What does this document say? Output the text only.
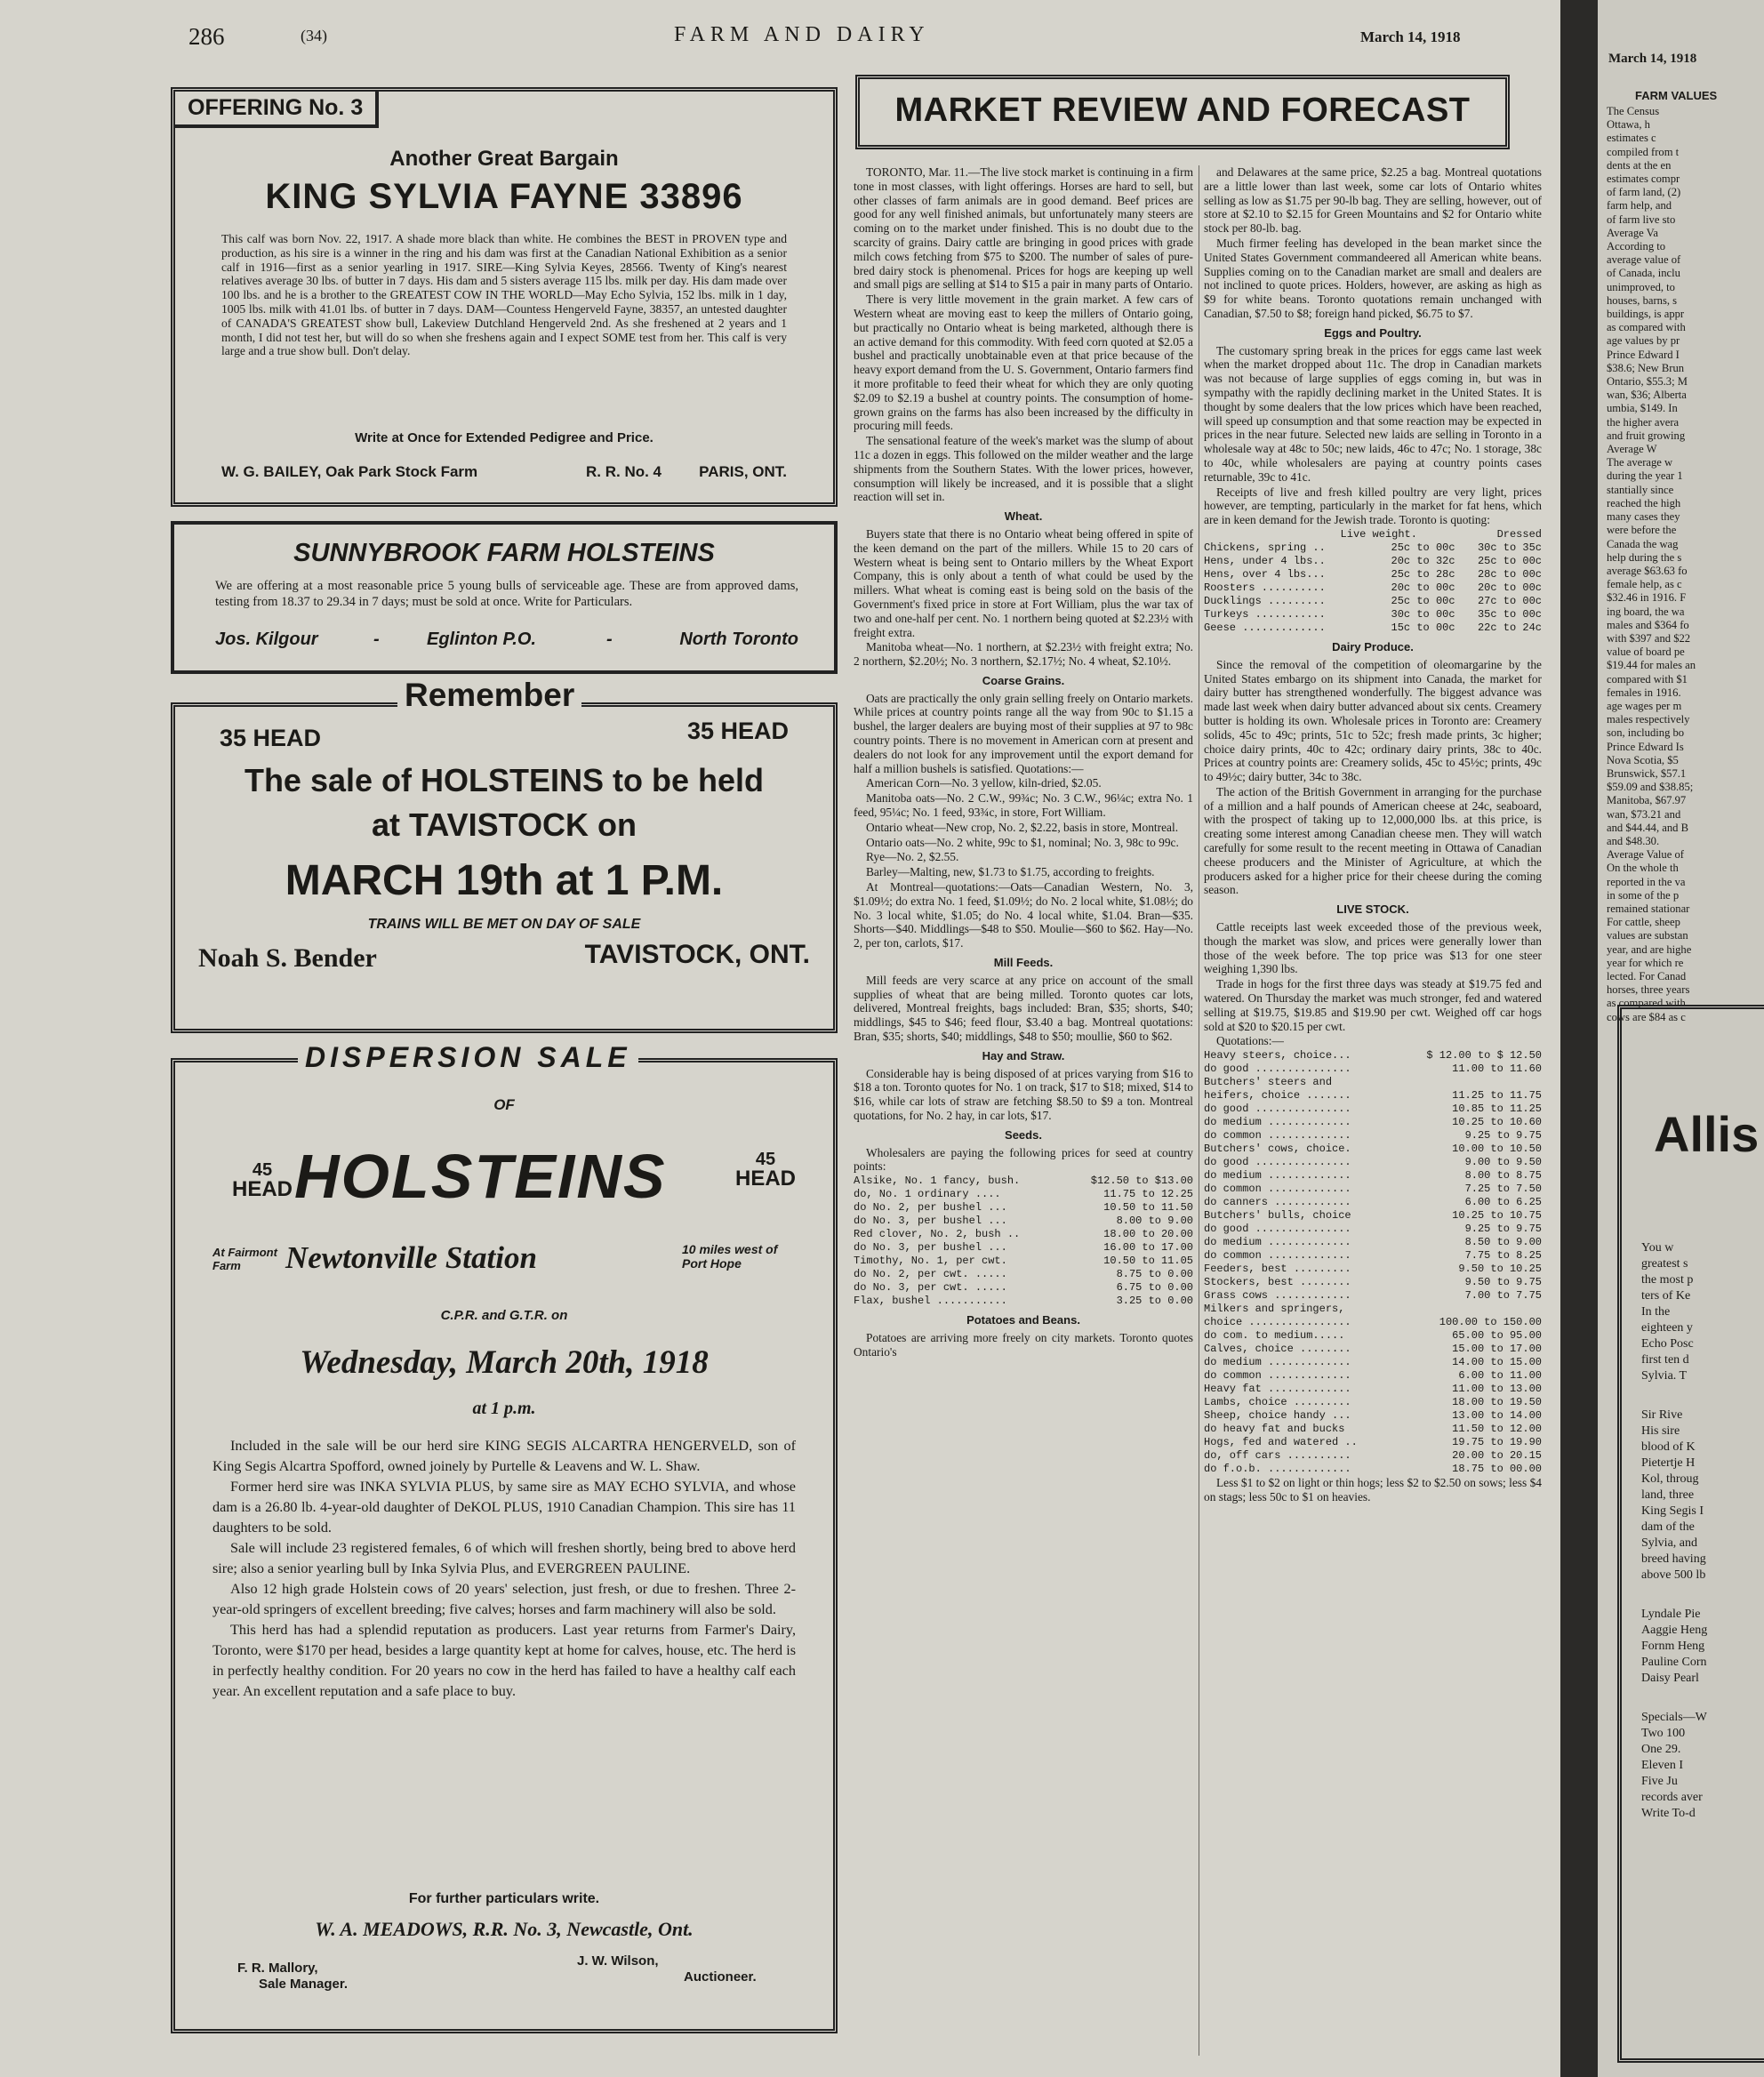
286	(34)	FARM AND DAIRY	March 14, 1918
OFFERING No. 3
Another Great Bargain
KING SYLVIA FAYNE 33896

This calf was born Nov. 22, 1917. A shade more black than white. He combines the BEST in PROVEN type and production, as his sire is a winner in the ring and his dam was first at the Canadian National Exhibition as a senior calf in 1916—first as a senior yearling in 1917. SIRE—King Sylvia Keyes, 28566. Twenty of King's nearest relatives average 30 lbs. of butter in 7 days. His dam and 5 sisters average 115 lbs. milk per day. His dam made over 100 lbs. and he is a brother to the GREATEST COW IN THE WORLD—May Echo Sylvia, 152 lbs. milk in 1 day, 1005 lbs. milk with 41.01 lbs. of butter in 7 days. DAM—Countess Hengerveld Fayne, 38357, an untested daughter of CANADA'S GREATEST show bull, Lakeview Dutchland Hengerveld 2nd. As she freshened at 2 years and 1 month, I did not test her, but will do so when she freshens again and I expect SOME test from her. This calf is very large and a true show bull. Don't delay.

Write at Once for Extended Pedigree and Price.
W. G. BAILEY, Oak Park Stock Farm	R. R. No. 4 PARIS, ONT.
SUNNYBROOK FARM HOLSTEINS

We are offering at a most reasonable price 5 young bulls of serviceable age. These are from approved dams, testing from 18.37 to 29.34 in 7 days; must be sold at once. Write for Particulars.

Jos. Kilgour	-	Eglinton P.O.	-	North Toronto
Remember
35 HEAD	35 HEAD
The sale of HOLSTEINS to be held
at TAVISTOCK on
MARCH 19th at 1 P.M.
TRAINS WILL BE MET ON DAY OF SALE
Noah S. Bender	TAVISTOCK, ONT.
DISPERSION SALE
OF
45
HEAD HOLSTEINS	45
HEAD
At Fairmont Farm	Newtonville Station	10 miles west of Port Hope
C.P.R. and G.T.R. on
Wednesday, March 20th, 1918
at 1 p.m.

Included in the sale will be our herd sire KING SEGIS ALCARTRA HENGERVELD, son of King Segis Alcartra Spofford, owned joinely by Purtelle & Leavens and W. L. Shaw.

Former herd sire was INKA SYLVIA PLUS, by same sire as MAY ECHO SYLVIA, and whose dam is a 26.80 lb. 4-year-old daughter of DeKOL PLUS, 1910 Canadian Champion. This sire has 11 daughters to be sold.

Sale will include 23 registered females, 6 of which will freshen shortly, being bred to above herd sire; also a senior yearling bull by Inka Sylvia Plus, and EVERGREEN PAULINE.

Also 12 high grade Holstein cows of 20 years' selection, just fresh, or due to freshen. Three 2-year-old springers of excellent breeding; five calves; horses and farm machinery will also be sold.

This herd has had a splendid reputation as producers. Last year returns from Farmer's Dairy, Toronto, were $170 per head, besides a large quantity kept at home for calves, house, etc. The herd is in perfectly healthy condition. For 20 years no cow in the herd has failed to have a healthy calf each year. An excellent reputation and a safe place to buy.

For further particulars write.
W. A. MEADOWS, R.R. No. 3, Newcastle, Ont.
F. R. Mallory,
Sale Manager.
J. W. Wilson,
Auctioneer.
MARKET REVIEW AND FORECAST

TORONTO, Mar. 11.—The live stock market is continuing in a firm tone in most classes, with light offerings. Horses are hard to sell, but other classes of farm animals are in good demand. Beef prices are good for any well finished animals, but unfortunately many steers are coming on to the market under finished. This is no doubt due to the scarcity of grains. Dairy cattle are bringing in good prices with grade milch cows fetching from $75 to $200. The number of sales of pure-bred dairy stock is phenomenal. Prices for hogs are keeping up well and small pigs are selling at $14 to $15 a pair in many parts of Ontario.

There is very little movement in the grain market. A few cars of Western wheat are moving east to keep the millers of Ontario going, but practically no Ontario wheat is being marketed, although there is an active demand for this commodity. With feed corn quoted at $2.05 a bushel and practically unobtainable even at that price because of the heavy export demand from the U. S. Government, Ontario farmers find it more profitable to feed their wheat for which they are only quoting $2.09 to $2.19 a bushel at country points. The consumption of home-grown grains on the farms has also been increased by the difficulty in procuring mill feeds.

The sensational feature of the week's market was the slump of about 11c a dozen in eggs. This followed on the milder weather and the large shipments from the Southern States. With the lower prices, however, consumption will likely be increased, and it is possible that a slight reaction will set in.

Wheat.

Buyers state that there is no Ontario wheat being offered in spite of the keen demand on the part of the millers. While 15 to 20 cars of Western wheat is being sent to Ontario millers by the Wheat Export Company, this is only about a tenth of what could be used by the millers. What wheat is coming east is being sold on the basis of the Government's fixed price in store at Fort William, plus the war tax of two and one-half per cent. No. 1 northern being quoted at $2.23½ with freight extra.

Manitoba wheat—No. 1 northern, at $2.23½ with freight extra; No. 2 northern, $2.20½; No. 3 northern, $2.17½; No. 4 wheat, $2.10½.

Coarse Grains.

Oats are practically the only grain selling freely on Ontario markets. While prices at country points range all the way from 90c to $1.15 a bushel, the larger dealers are buying most of their supplies at 97 to 98c country points. There is no movement in American corn at present and dealers do not look for any improvement until the export demand for half a million bushels is satisfied. Quotations:—

American Corn—No. 3 yellow, kiln-dried, $2.05.

Manitoba oats—No. 2 C.W., 99¾c; No. 3 C.W., 96¼c; extra No. 1 feed, 95¼c; No. 1 feed, 93¾c, in store, Fort William.

Ontario wheat—New crop, No. 2, $2.22, basis in store, Montreal.

Ontario oats—No. 2 white, 99c to $1, nominal; No. 3, 98c to 99c.

Rye—No. 2, $2.55.

Barley—Malting, new, $1.73 to $1.75, according to freights.

At Montreal—quotations:—Oats—Canadian Western, No. 3, $1.09½; do extra No. 1 feed, $1.09½; do No. 2 local white, $1.08½; do No. 3 local white, $1.05; do No. 4 local white, $1.04. Bran—$35. Shorts—$40. Middlings—$48 to $50. Moulie—$60 to $62. Hay—No. 2, per ton, carlots, $17.

Mill Feeds.

Mill feeds are very scarce at any price on account of the small supplies of wheat that are being milled. Toronto quotes car lots, delivered, Montreal freights, bags included: Bran, $35; shorts, $40; middlings, $45 to $46; feed flour, $3.40 a bag. Montreal quotations: Bran, $35; shorts, $40; middlings, $48 to $50; moullie, $60 to $62.

Hay and Straw.

Considerable hay is being disposed of at prices varying from $16 to $18 a ton. Toronto quotes for No. 1 on track, $17 to $18; mixed, $14 to $16, while car lots of straw are fetching $8.50 to $9 a ton. Montreal quotations, for No. 2 hay, in car lots, $17.

Seeds.

Wholesalers are paying the following prices for seed at country points:

Alsike, No. 1 fancy, bush.	$12.50 to $13.00
do, No. 1 ordinary ....	11.75 to 12.25
do No. 2, per bushel ...	10.50 to 11.50
do No. 3, per bushel ...	8.00 to 9.00
Red clover, No. 2, bush ..	18.00 to 20.00
do No. 3, per bushel ...	16.00 to 17.00
Timothy, No. 1, per cwt.	10.50 to 11.05
do No. 2, per cwt. .....	8.75 to 0.00
do No. 3, per cwt. .....	6.75 to 0.00
Flax, bushel ...........	3.25 to 0.00

Potatoes and Beans.

Potatoes are arriving more freely on city markets. Toronto quotes Ontario's

and Delawares at the same price, $2.25 a bag. Montreal quotations are a little lower than last week, some car lots of Ontario whites selling as low as $1.75 per 90-lb bag. They are selling, however, out of store at $2.10 to $2.15 for Green Mountains and $2 for Ontario white stock per 80-lb. bag.

Much firmer feeling has developed in the bean market since the United States Government commandeered all American white beans. Supplies coming on to the Canadian market are small and dealers are not inclined to quote prices. Holders, however, are asking as high as $9 for white beans. Toronto quotations remain unchanged with Canadian, $7.50 to $8; foreign hand picked, $6.75 to $7.

Eggs and Poultry.

The customary spring break in the prices for eggs came last week when the market dropped about 11c. The drop in Canadian markets was not because of large supplies of eggs coming in, but was in sympathy with the rapidly declining market in the United States. It is thought by some dealers that the low prices which have been reached, will speed up consumption and that some reaction may be expected in prices in the near future. Selected new laids are selling in Toronto in a wholesale way at 48c to 50c; new laids, 46c to 47c; No. 1 storage, 38c to 40c, while wholesalers are paying at country points cases returnable, 39c to 41c.

Receipts of live and fresh killed poultry are very light, prices however, are tempting, particularly in the market for fat hens, which are in keen demand for the Jewish trade. Toronto is quoting:

	Live weight.	Dressed
Chickens, spring ..	25c to 00c	30c to 35c
Hens, under 4 lbs..	20c to 32c	25c to 00c
Hens, over 4 lbs...	25c to 28c	28c to 00c
Roosters ..........	20c to 00c	20c to 00c
Ducklings .........	25c to 00c	27c to 00c
Turkeys ...........	30c to 00c	35c to 00c
Geese .............	15c to 00c	22c to 24c

Dairy Produce.

Since the removal of the competition of oleomargarine by the United States embargo on its shipment into Canada, the market for dairy butter has strengthened wonderfully. The biggest advance was made last week when dairy butter advanced about six cents. Creamery butter is holding its own. Wholesale prices in Toronto are: Creamery solids, 45c to 49c; prints, 51c to 52c; fresh made prints, 3c higher; choice dairy prints, 40c to 42c; ordinary dairy prints, 38c to 40c. Prices at country points are: Creamery solids, 45c to 45½c; prints, 49c to 49½c; dairy butter, 34c to 38c.

The action of the British Government in arranging for the purchase of a million and a half pounds of American cheese at 24c, seaboard, with the prospect of taking up to 12,000,000 lbs. at this price, is creating some interest among Canadian cheese men. They will watch carefully for some result to the recent meeting in Ottawa of Canadian cheese producers and the Minister of Agriculture, at which the producers asked for a higher price for their cheese during the coming season.

LIVE STOCK.

Cattle receipts last week exceeded those of the previous week, though the market was slow, and prices were generally lower than those of the week before. The top price was $13 for one steer weighing 1,390 lbs.

Trade in hogs for the first three days was steady at $19.75 fed and watered. On Thursday the market was much stronger, fed and watered selling at $19.75, $19.85 and $19.90 per cwt. Weighed off car hogs sold at $20 to $20.15 per cwt.

Quotations:—

Heavy steers, choice...	$ 12.00 to $ 12.50	
do good ...............	11.00 to 11.60	
Butchers' steers and		
heifers, choice .......	11.25 to 11.75	
do good ...............	10.85 to 11.25	
do medium .............	10.25 to 10.60	
do common .............	9.25 to 9.75	
Butchers' cows, choice.	10.00 to 10.50	
do good ...............	9.00 to 9.50	
do medium .............	8.00 to 8.75	
do common .............	7.25 to 7.50	
do canners ............	6.00 to 6.25	
Butchers' bulls, choice	10.25 to 10.75	
do good ...............	9.25 to 9.75	
do medium .............	8.50 to 9.00	
do common .............	7.75 to 8.25	
Feeders, best .........	9.50 to 10.25	
Stockers, best ........	9.50 to 9.75	
Grass cows ............	7.00 to 7.75	
Milkers and springers,		
choice ................	100.00 to 150.00	
do com. to medium.....	65.00 to 95.00	
Calves, choice ........	15.00 to 17.00	
do medium .............	14.00 to 15.00	
do common .............	6.00 to 11.00	
Heavy fat .............	11.00 to 13.00	
Lambs, choice .........	18.00 to 19.50	
Sheep, choice handy ...	13.00 to 14.00	
do heavy fat and bucks	11.50 to 12.00	
Hogs, fed and watered ..	19.75 to 19.90	
do, off cars ..........	20.00 to 20.15	
do f.o.b. .............	18.75 to 00.00	

Less $1 to $2 on light or thin hogs; less $2 to $2.50 on sows; less $4 on stags; less 50c to $1 on heavies.

March 14, 1918
FARM VALUES
The Census
Ottawa, h
estimates c
compiled from t
dents at the en
estimates compr
of farm land, (2)
farm help, and
of farm live sto
Average Va
According to
average value of
of Canada, inclu
unimproved, to
houses, barns, s
buildings, is appr
as compared with
age values by pr
Prince Edward I
$38.6; New Brun
Ontario, $55.3; M
wan, $36; Alberta
umbia, $149. In
the higher avera
and fruit growing
Average W
The average w
during the year 1
stantially since
reached the high
many cases they
were before the
Canada the wag
help during the s
average $63.63 fo
female help, as c
$32.46 in 1916. F
ing board, the wa
males and $364 fo
with $397 and $22
value of board pe
$19.44 for males an
compared with $1
females in 1916.
age wages per m
males respectively
son, including bo
Prince Edward Is
Nova Scotia, $5
Brunswick, $57.1
$59.09 and $38.85;
Manitoba, $67.97
wan, $73.21 and
and $44.44, and B
and $48.30.
Average Value of
On the whole th
reported in the va
in some of the p
remained stationar
For cattle, sheep
values are substan
year, and are highe
year for which re
lected. For Canad
horses, three years
as compared with
cows are $84 as c
Allis
You w
greatest s
the most p
ters of Ke
In the
eighteen y
Echo Posc
first ten d
Sylvia. T
Sir Rive
His sire
blood of K
Pietertje H
Kol, throug
land, three
King Segis I
dam of the
Sylvia, and
breed having
above 500 lb
Lyndale Pie
Aaggie Heng
Fornm Heng
Pauline Corn
Daisy Pearl
Specials—W
Two 100
One 29.
Eleven I
Five Ju
records aver
Write To-d
